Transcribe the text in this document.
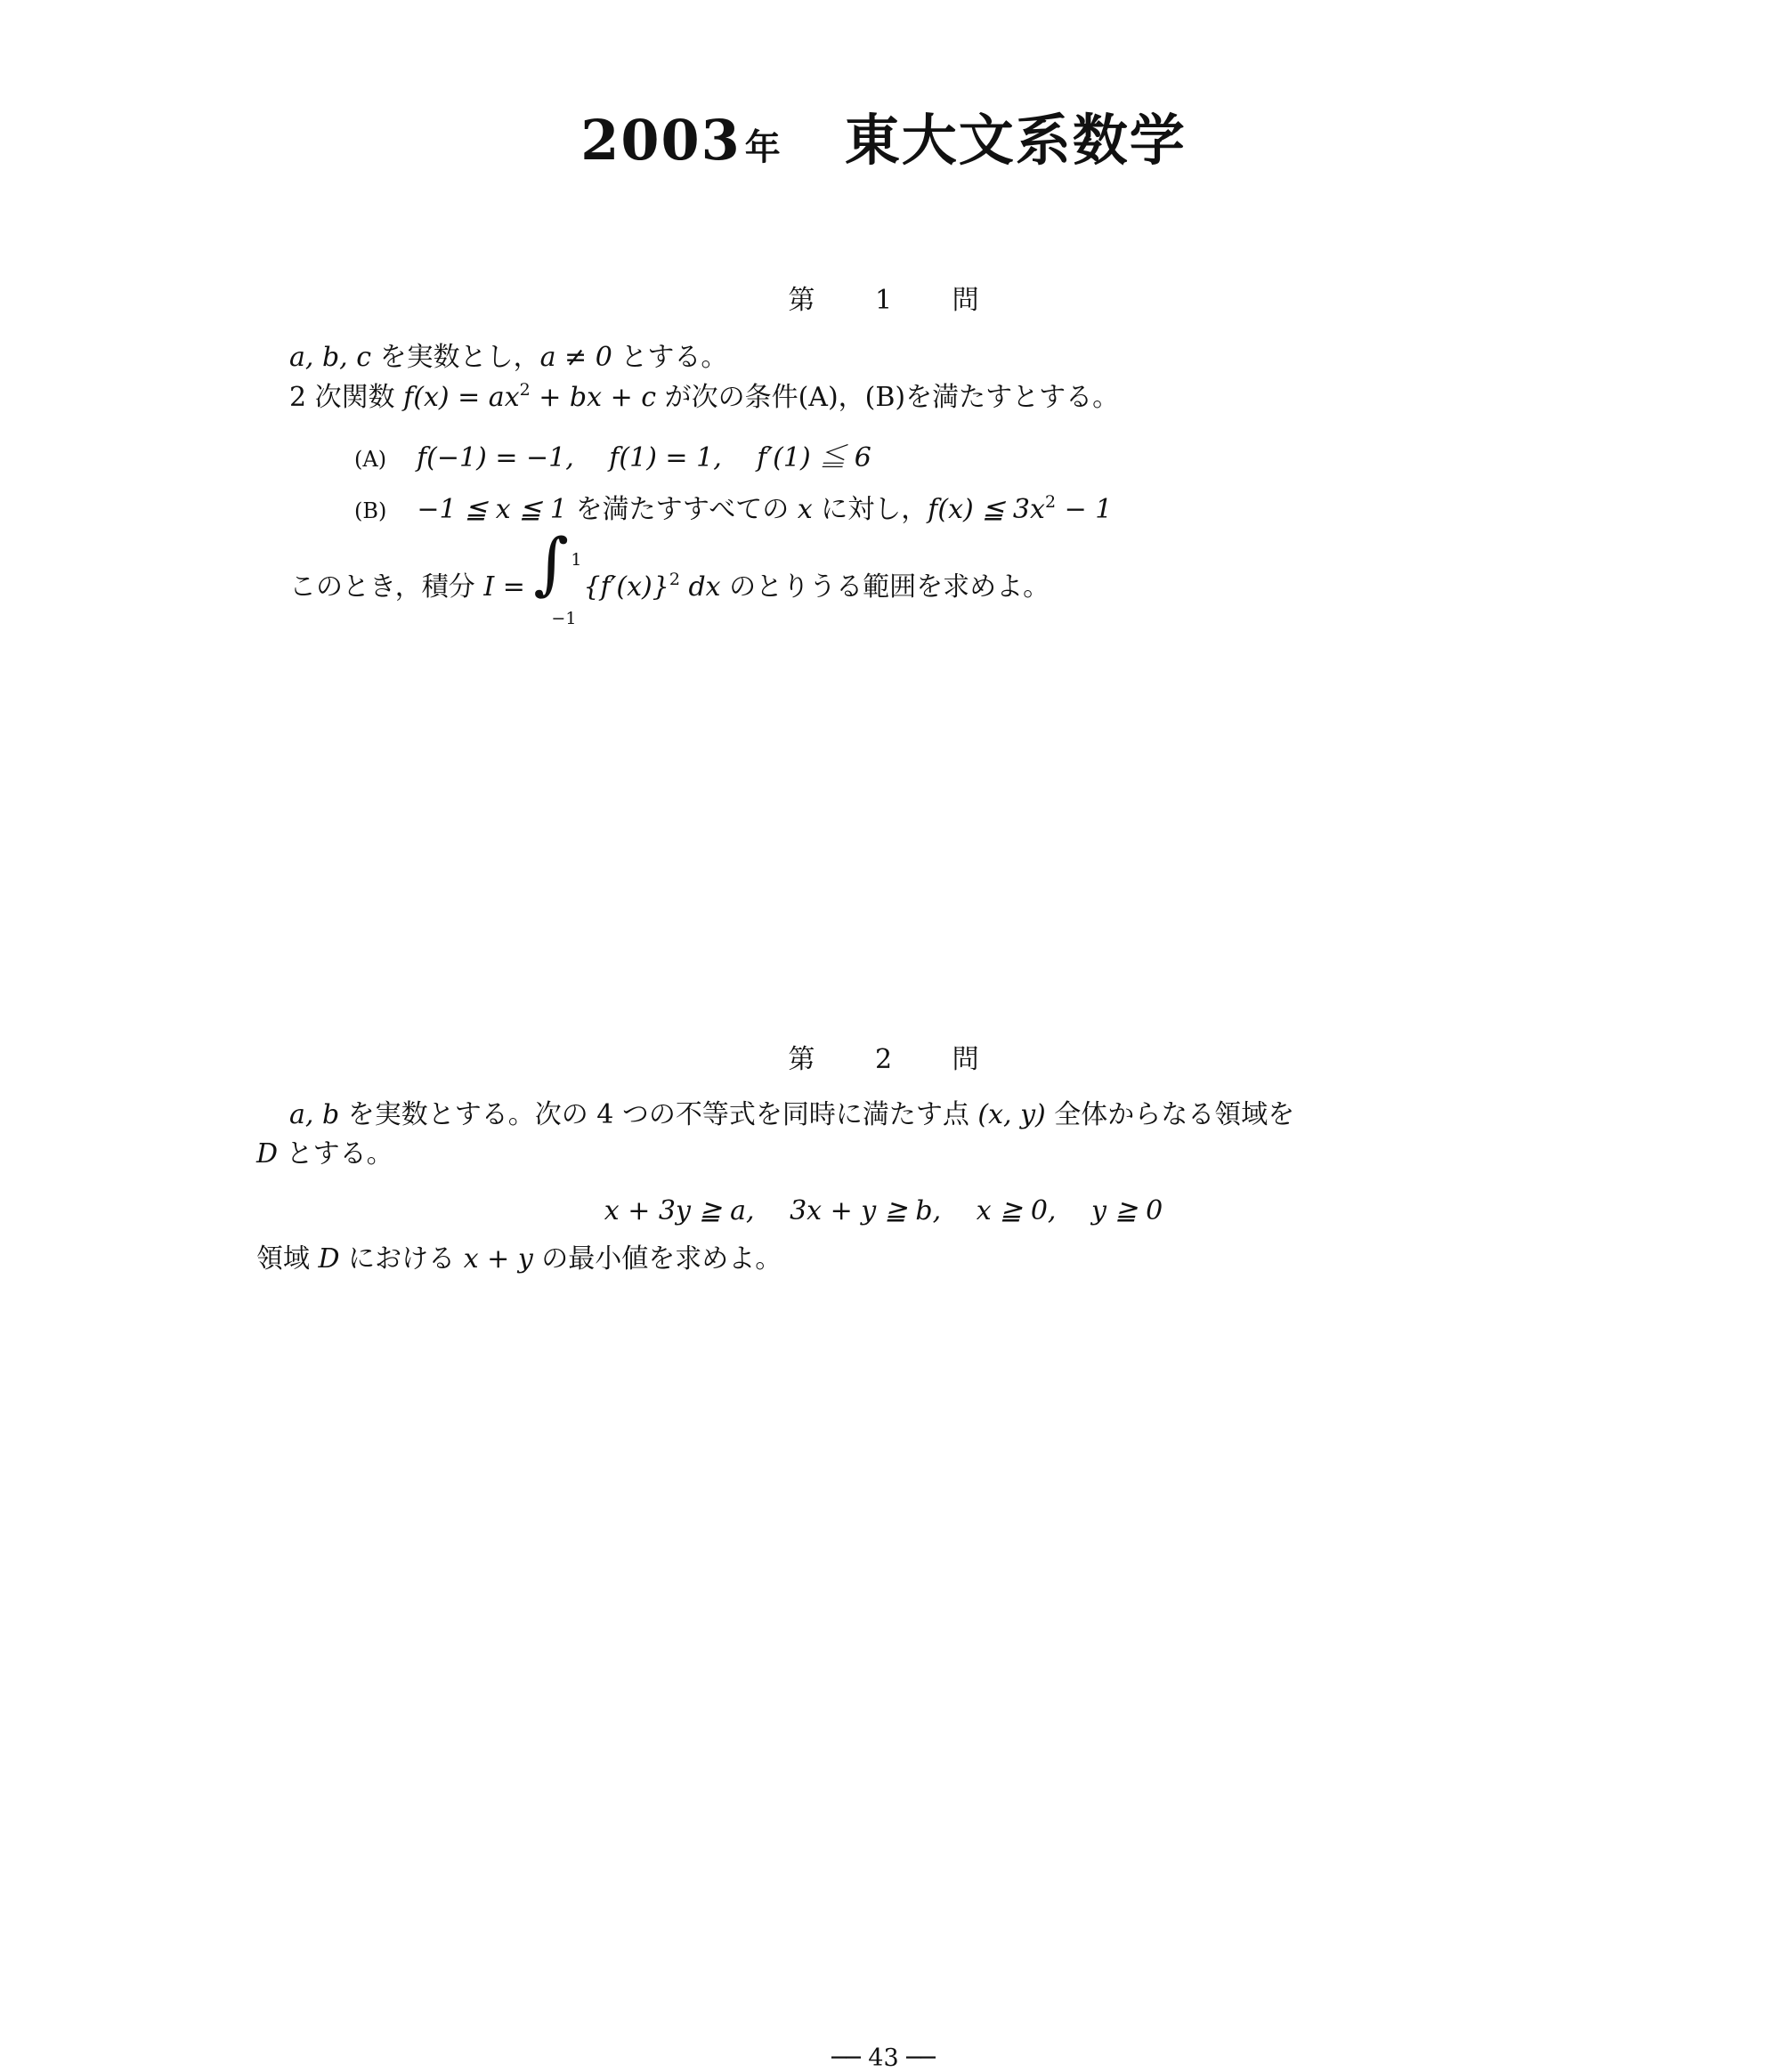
2003 年 東大文系数学
第 1 問
a, b, c を実数とし，a ≠ 0 とする。
2 次関数 $f(x) = ax^2$ + bx + c が次の条件(A)，(B)を満たすとする。
(A) f(−1) = −1,　 f(1) = 1,　 f′(1) ≦ 6
(B) −1 ≦ x ≦ 1 を満たすすべての x に対し，f(x) ≦ $3x^2 - 1$
このとき，積分 I = ∫ 1
−1
$\{f'(x)\}^2$ dx のとりうる範囲を求めよ。
第 2 問
a, b を実数とする。次の 4 つの不等式を同時に満たす点 (x, y) 全体からなる領域を
D とする。
x + 3y ≧ a,　 3x + y ≧ b,　 x ≧ 0,　 y ≧ 0
領域 D における x + y の最小値を求めよ。
── 43 ──
